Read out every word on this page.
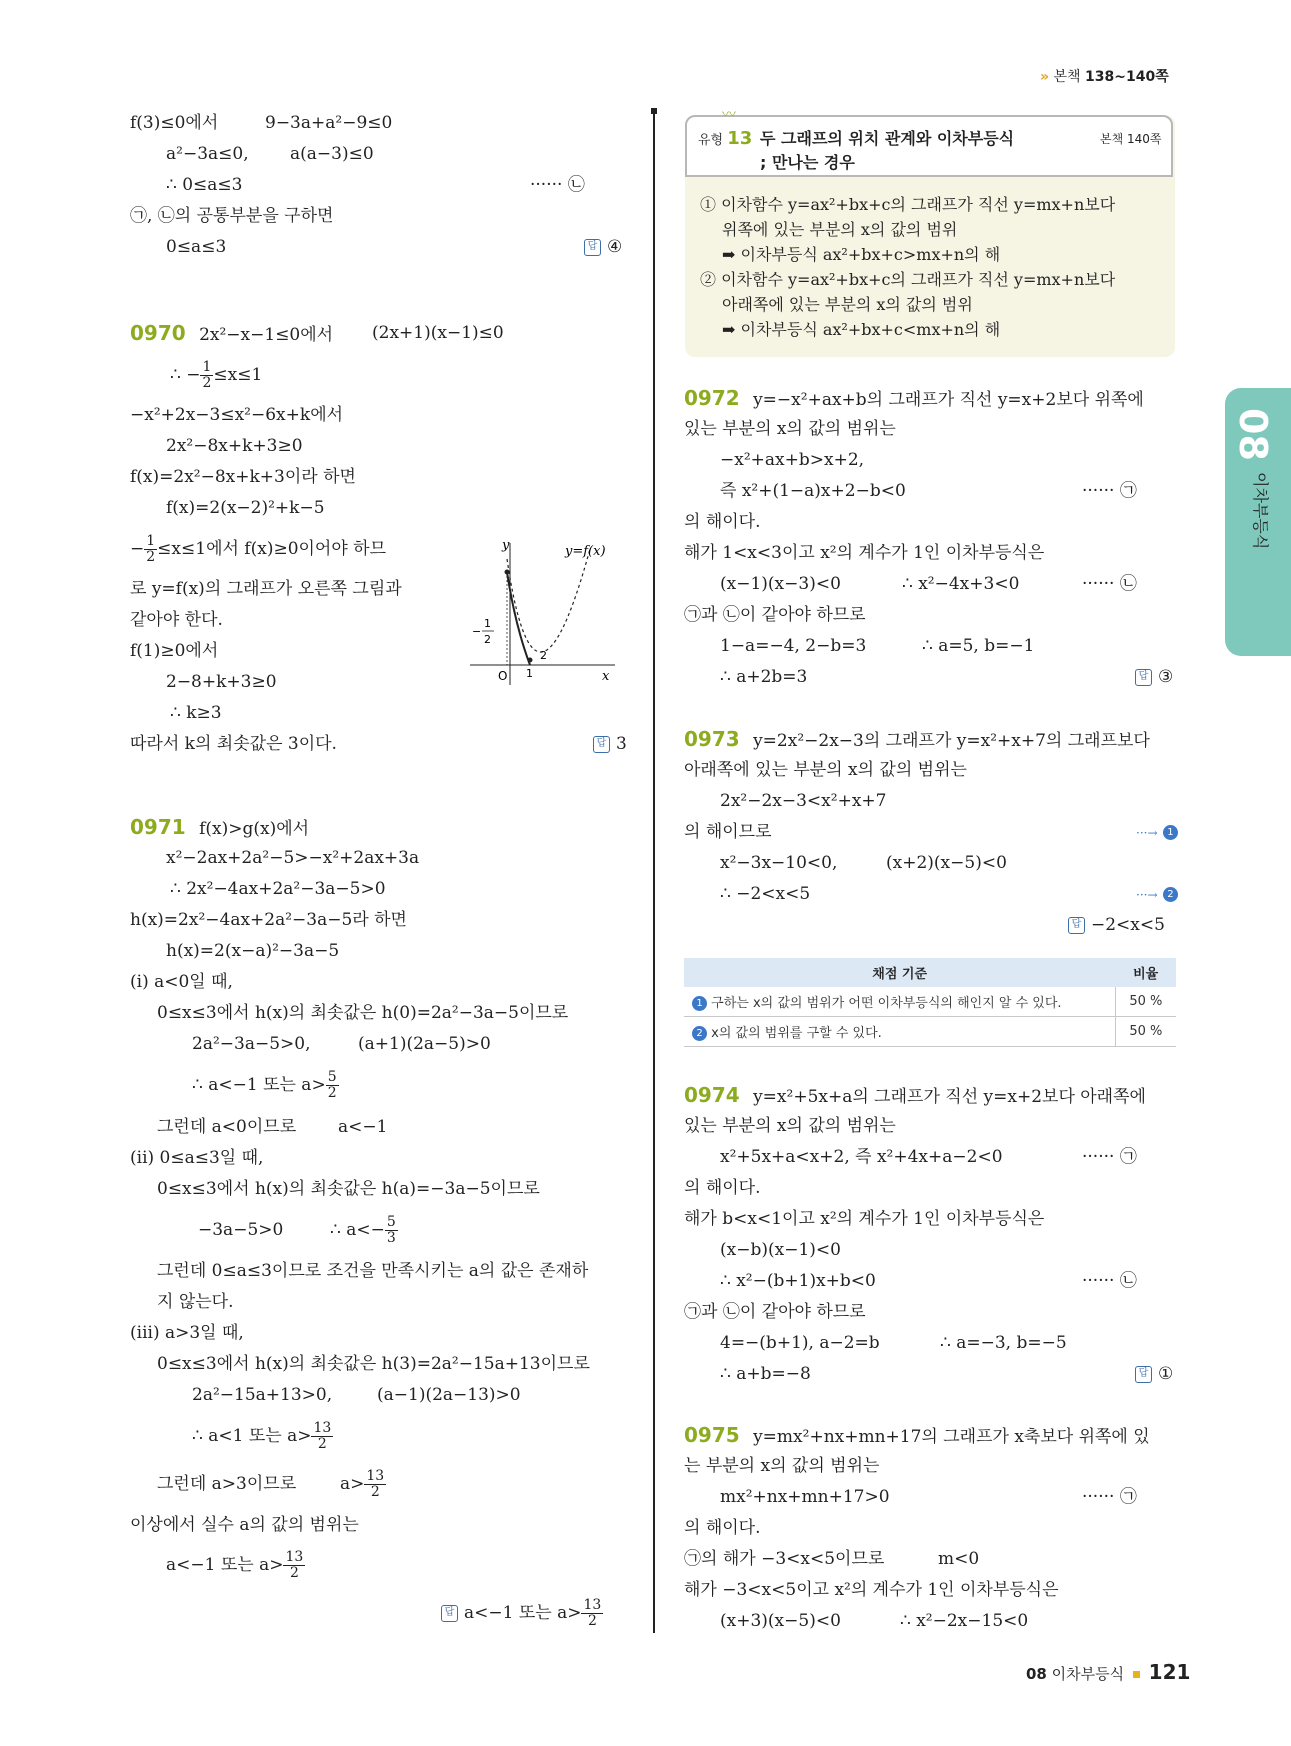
» 본책 138~140쪽
08
이차부등식
f(3)≤0에서	9−3a+a²−9≤0
a²−3a≤0, a(a−3)≤0
∴ 0≤a≤3	······ ㉡
㉠, ㉡의 공통부분을 구하면
0≤a≤3	답 ④
0970 2x²−x−1≤0에서 (2x+1)(x−1)≤0
∴ − $\frac{1}{2} \le x\le 1$
−x²+2x−3≤x²−6x+k에서
2x²−8x+k+3≥0
f(x)=2x²−8x+k+3이라 하면
f(x)=2(x−2)²+k−5
− $\frac{1}{2} \le x\le 1$에서 f(x)≥0이어야 하므
로 y=f(x)의 그래프가 오른쪽 그림과
같아야 한다.
f(1)≥0에서
2−8+k+3≥0
∴ k≥3
따라서 k의 최솟값은 3이다.	답 3
y
x
y=f(x)
O 1
2
−
1
2
0971 f(x)>g(x)에서
x²−2ax+2a²−5>−x²+2ax+3a
∴ 2x²−4ax+2a²−3a−5>0
h(x)=2x²−4ax+2a²−3a−5라 하면
h(x)=2(x−a)²−3a−5
(i) a<0일 때,
0≤x≤3에서 h(x)의 최솟값은 h(0)=2a²−3a−5이므로
2a²−3a−5>0,	(a+1)(2a−5)>0
∴ a<−1 또는 $a> \frac{5}{2}$
그런데 a<0이므로 a<−1
(ii) 0≤a≤3일 때,
0≤x≤3에서 h(x)의 최솟값은 h(a)=−3a−5이므로
−3a−5>0	∴ $a<- \frac{5}{3}$
그런데 0≤a≤3이므로 조건을 만족시키는 a의 값은 존재하
지 않는다.
(iii) a>3일 때,
0≤x≤3에서 h(x)의 최솟값은 h(3)=2a²−15a+13이므로
2a²−15a+13>0,	(a−1)(2a−13)>0
∴ a<1 또는 $a> \frac{13}{2}$
그런데 a>3이므로	$a> \frac{13}{2}$
이상에서 실수 a의 값의 범위는
a<−1 또는 $a> \frac{13}{2}$
답 a<−1 또는 $a> \frac{13}{2}$
〰
유형 13 두 그래프의 위치 관계와 이차부등식
; 만나는 경우
본책 140쪽
① 이차함수 y=ax²+bx+c의 그래프가 직선 y=mx+n보다
위쪽에 있는 부분의 x의 값의 범위
➡ 이차부등식 ax²+bx+c>mx+n의 해
② 이차함수 y=ax²+bx+c의 그래프가 직선 y=mx+n보다
아래쪽에 있는 부분의 x의 값의 범위
➡ 이차부등식 ax²+bx+c<mx+n의 해
0972 y=−x²+ax+b의 그래프가 직선 y=x+2보다 위쪽에
있는 부분의 x의 값의 범위는
−x²+ax+b>x+2,
즉 x²+(1−a)x+2−b<0	······ ㉠
의 해이다.
해가 1<x<3이고 x²의 계수가 1인 이차부등식은
(x−1)(x−3)<0	∴ x²−4x+3<0	······ ㉡
㉠과 ㉡이 같아야 하므로
1−a=−4, 2−b=3	∴ a=5, b=−1
∴ a+2b=3	답 ③
0973 y=2x²−2x−3의 그래프가 y=x²+x+7의 그래프보다
아래쪽에 있는 부분의 x의 값의 범위는
2x²−2x−3<x²+x+7
의 해이므로	···→ 1
x²−3x−10<0,	(x+2)(x−5)<0
∴ −2<x<5	···→ 2
답 −2<x<5
채점 기준	비율
1 구하는 x의 값의 범위가 어떤 이차부등식의 해인지 알 수 있다.	50 %
2 x의 값의 범위를 구할 수 있다.	50 %
0974 y=x²+5x+a의 그래프가 직선 y=x+2보다 아래쪽에
있는 부분의 x의 값의 범위는
x²+5x+a<x+2, 즉 x²+4x+a−2<0	······ ㉠
의 해이다.
해가 b<x<1이고 x²의 계수가 1인 이차부등식은
(x−b)(x−1)<0
∴ x²−(b+1)x+b<0	······ ㉡
㉠과 ㉡이 같아야 하므로
4=−(b+1), a−2=b	∴ a=−3, b=−5
∴ a+b=−8	답 ①
0975 y=mx²+nx+mn+17의 그래프가 x축보다 위쪽에 있
는 부분의 x의 값의 범위는
mx²+nx+mn+17>0	······ ㉠
의 해이다.
㉠의 해가 −3<x<5이므로	m<0
해가 −3<x<5이고 x²의 계수가 1인 이차부등식은
(x+3)(x−5)<0	∴ x²−2x−15<0
08 이차부등식 121
